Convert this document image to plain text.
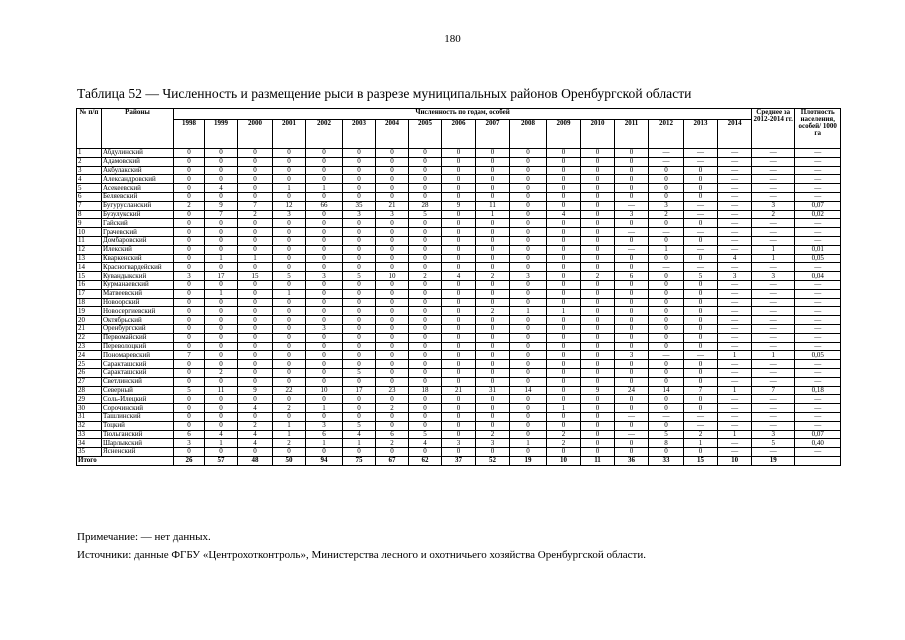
180
Таблица 52 — Численность и размещение рыси в разрезе муниципальных районов Оренбургской области
№ п/п	Районы	Численность по годам, особей																	Среднее за 2012-2014 гг.	Плотность населения, особей/ 1000 га
		1998	1999	2000	2001	2002	2003	2004	2005	2006	2007	2008	2009	2010	2011	2012	2013	2014		
1	Абдулинский	0	0	0	0	0	0	0	0	0	0	0	0	0	0	—	—	—	—	—
2	Адамовский	0	0	0	0	0	0	0	0	0	0	0	0	0	0	—	—	—	—	—
3	Акбулакский	0	0	0	0	0	0	0	0	0	0	0	0	0	0	0	0	—	—	—
4	Александровский	0	0	0	0	0	0	0	0	0	0	0	0	0	0	0	0	—	—	—
5	Асекеевский	0	4	0	1	1	0	0	0	0	0	0	0	0	0	0	0	—	—	—
6	Беляевский	0	0	0	0	0	0	0	0	0	0	0	0	0	0	0	0	—	—	—
7	Бугурусланский	2	9	7	12	66	35	21	28	9	11	0	0	0	—	3	—	—	3	0,07
8	Бузулукский	0	7	2	3	0	3	3	5	0	1	0	4	0	3	2	—	—	2	0,02
9	Гайский	0	0	0	0	0	0	0	0	0	0	0	0	0	0	0	0	—	—	—
10	Грачевский	0	0	0	0	0	0	0	0	0	0	0	0	0	—	—	—	—	—	—
11	Домбаровский	0	0	0	0	0	0	0	0	0	0	0	0	0	0	0	0	—	—	—
12	Илекский	0	0	0	0	0	0	0	0	0	0	0	0	0	—	1	—	—	1	0,01
13	Кваркенский	0	1	1	0	0	0	0	0	0	0	0	0	0	0	0	0	4	1	0,05
14	Красногвардейский	0	0	0	0	0	0	0	0	0	0	0	0	0	0	—	—	—	—	—
15	Кувандыкский	3	17	15	5	3	5	10	2	4	2	3	0	2	6	0	5	3	3	0,04
16	Курманаевский	0	0	0	0	0	0	0	0	0	0	0	0	0	0	0	0	—	—	—
17	Матвеевский	0	1	0	1	0	0	0	0	0	0	0	0	0	0	0	0	—	—	—
18	Новоорский	0	0	0	0	0	0	0	0	0	0	0	0	0	0	0	0	—	—	—
19	Новосергиевский	0	0	0	0	0	0	0	0	0	2	1	1	0	0	0	0	—	—	—
20	Октябрьский	0	0	0	0	0	0	0	0	0	0	0	0	0	0	0	0	—	—	—
21	Оренбургский	0	0	0	0	3	0	0	0	0	0	0	0	0	0	0	0	—	—	—
22	Первомайский	0	0	0	0	0	0	0	0	0	0	0	0	0	0	0	0	—	—	—
23	Переволоцкий	0	0	0	0	0	0	0	0	0	0	0	0	0	0	0	0	—	—	—
24	Пономаревский	7	0	0	0	0	0	0	0	0	0	0	0	0	3	—	—	1	1	0,05
25	Саракташский	0	0	0	0	0	0	0	0	0	0	0	0	0	0	0	0	—	—	—
26	Саракташский	0	2	0	0	0	5	0	0	0	0	0	0	0	0	0	0	—	—	—
27	Светлинский	0	0	0	0	0	0	0	0	0	0	0	0	0	0	0	0	—	—	—
28	Северный	5	11	9	22	10	17	23	18	21	31	14	0	9	24	14	7	1	7	0,18
29	Соль-Илецкий	0	0	0	0	0	0	0	0	0	0	0	0	0	0	0	0	—	—	—
30	Сорочинский	0	0	4	2	1	0	2	0	0	0	0	1	0	0	0	0	—	—	—
31	Ташлинский	0	0	0	0	0	0	0	0	0	0	0	0	0	—	—	—	—	—	—
32	Тоцкий	0	0	2	1	3	5	0	0	0	0	0	0	0	0	0	—	—	—	—
33	Тюльганский	6	4	4	1	6	4	6	5	0	2	0	2	0	—	5	2	1	3	0,07
34	Шарлыкский	3	1	4	2	1	1	2	4	3	3	1	2	0	0	8	1	—	5	0,40
35	Ясненский	0	0	0	0	0	0	0	0	0	0	0	0	0	0	0	0	—	—	—
Итого		26	57	48	50	94	75	67	62	37	52	19	10	11	36	33	15	10	19	
Примечание: — нет данных.
Источники: данные ФГБУ «Центрохотконтроль», Министерства лесного и охотничьего хозяйства Оренбургской области.
